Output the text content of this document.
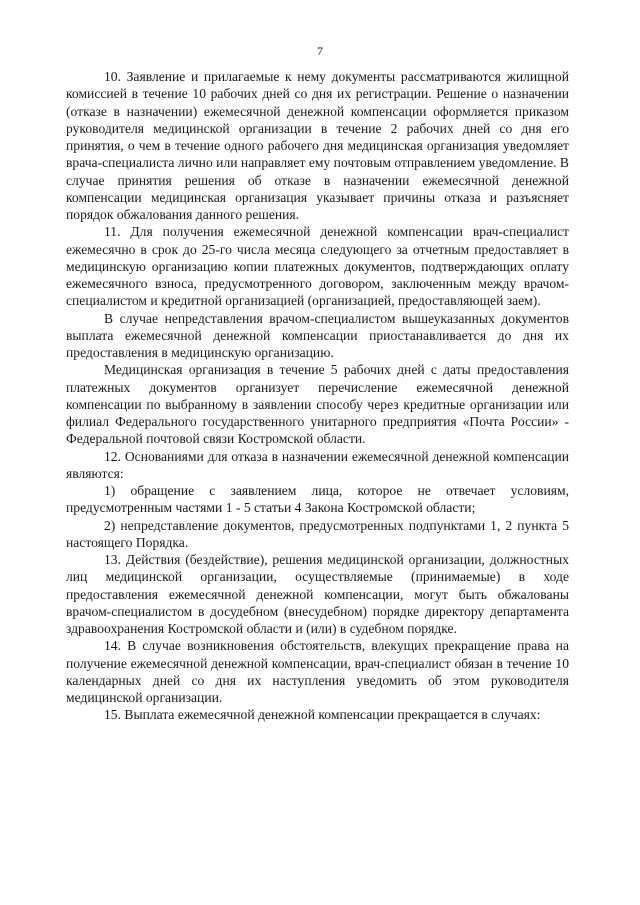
7

10. Заявление и прилагаемые к нему документы рассматриваются жилищной комиссией в течение 10 рабочих дней со дня их регистрации. Решение о назначении (отказе в назначении) ежемесячной денежной компенсации оформляется приказом руководителя медицинской организации в течение 2 рабочих дней со дня его принятия, о чем в течение одного рабочего дня медицинская организация уведомляет врача-специалиста лично или направляет ему почтовым отправлением уведомление. В случае принятия решения об отказе в назначении ежемесячной денежной компенсации медицинская организация указывает причины отказа и разъясняет порядок обжалования данного решения.

11. Для получения ежемесячной денежной компенсации врач-специалист ежемесячно в срок до 25-го числа месяца следующего за отчетным предоставляет в медицинскую организацию копии платежных документов, подтверждающих оплату ежемесячного взноса, предусмотренного договором, заключенным между врачом-специалистом и кредитной организацией (организацией, предоставляющей заем).

В случае непредставления врачом-специалистом вышеуказанных документов выплата ежемесячной денежной компенсации приостанавливается до дня их предоставления в медицинскую организацию.

Медицинская организация в течение 5 рабочих дней с даты предоставления платежных документов организует перечисление ежемесячной денежной компенсации по выбранному в заявлении способу через кредитные организации или филиал Федерального государственного унитарного предприятия «Почта России» - Федеральной почтовой связи Костромской области.

12. Основаниями для отказа в назначении ежемесячной денежной компенсации являются:

1) обращение с заявлением лица, которое не отвечает условиям, предусмотренным частями 1 - 5 статьи 4 Закона Костромской области;

2) непредставление документов, предусмотренных подпунктами 1, 2 пункта 5 настоящего Порядка.

13. Действия (бездействие), решения медицинской организации, должностных лиц медицинской организации, осуществляемые (принимаемые) в ходе предоставления ежемесячной денежной компенсации, могут быть обжалованы врачом-специалистом в досудебном (внесудебном) порядке директору департамента здравоохранения Костромской области и (или) в судебном порядке.

14. В случае возникновения обстоятельств, влекущих прекращение права на получение ежемесячной денежной компенсации, врач-специалист обязан в течение 10 календарных дней со дня их наступления уведомить об этом руководителя медицинской организации.

15. Выплата ежемесячной денежной компенсации прекращается в случаях:
